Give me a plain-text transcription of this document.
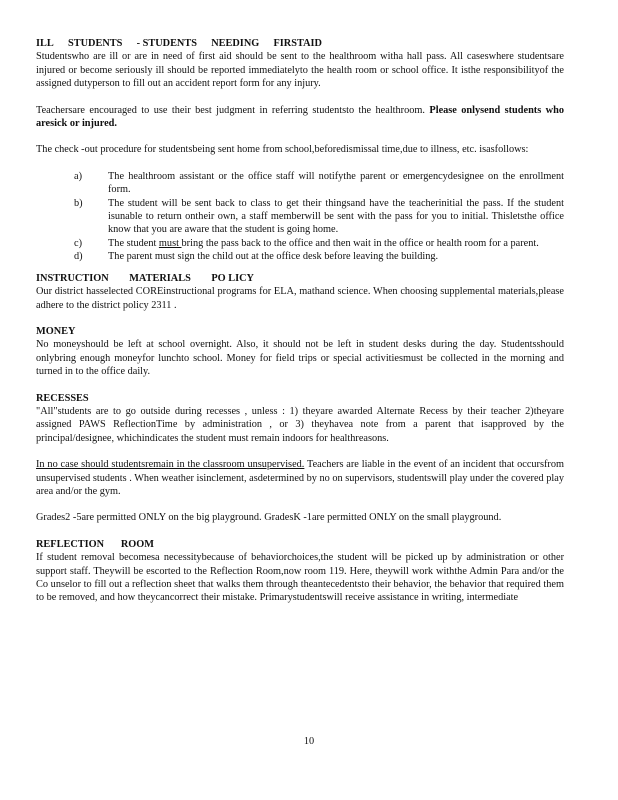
ILL STUDENTS - STUDENTS NEEDING FIRSTAID

Studentswho are ill or are in need of first aid should be sent to the healthroom witha hall pass. All caseswhere studentsare injured or become seriously ill should be reported immediatelyto the health room or school office. It isthe responsibilityof the assigned dutyperson to fill out an accident report form for any injury.

Teachersare encouraged to use their best judgment in referring studentsto the healthroom. Please onlysend students who aresick or injured.

The check -out procedure for studentsbeing sent home from school,beforedismissal time,due to illness, etc. isasfollows:

a)	The healthroom assistant or the office staff will notifythe parent or emergencydesignee on the enrollment form.
b)	The student will be sent back to class to get their thingsand have the teacherinitial the pass. If the student isunable to return ontheir own, a staff memberwill be sent with the pass for you to initial. Thisletsthe office know that you are aware that the student is going home.
c)	The student must bring the pass back to the office and then wait in the office or health room for a parent.
d)	The parent must sign the child out at the office desk before leaving the building.
INSTRUCTION MATERIALS PO LICY

Our district hasselected COREinstructional programs for ELA, mathand science. When choosing supplemental materials,please adhere to the district policy 2311 .

MONEY

No moneyshould be left at school overnight. Also, it should not be left in student desks during the day. Studentsshould onlybring enough moneyfor lunchto school. Money for field trips or special activitiesmust be collected in the morning and turned in to the office daily.

RECESSES

"All"students are to go outside during recesses , unless : 1) theyare awarded Alternate Recess by their teacher 2)theyare assigned PAWS ReflectionTime by administration , or 3) theyhavea note from a parent that isapproved by the principal/designee, whichindicates the student must remain indoors for healthreasons.

In no case should studentsremain in the classroom unsupervised. Teachers are liable in the event of an incident that occursfrom unsupervised students . When weather isinclement, asdetermined by no on supervisors, studentswill play under the covered play area and/or the gym.

Grades2 -5are permitted ONLY on the big playground. GradesK -1are permitted ONLY on the small playground.

REFLECTION ROOM

If student removal becomesa necessitybecause of behaviorchoices,the student will be picked up by administration or other support staff. Theywill be escorted to the Reflection Room,now room 119. Here, theywill work withthe Admin Para and/or the Co unselor to fill out a reflection sheet that walks them through theantecedentsto their behavior, the behavior that required them to be removed, and how theycancorrect their mistake. Primarystudentswill receive assistance in writing, intermediate

10
